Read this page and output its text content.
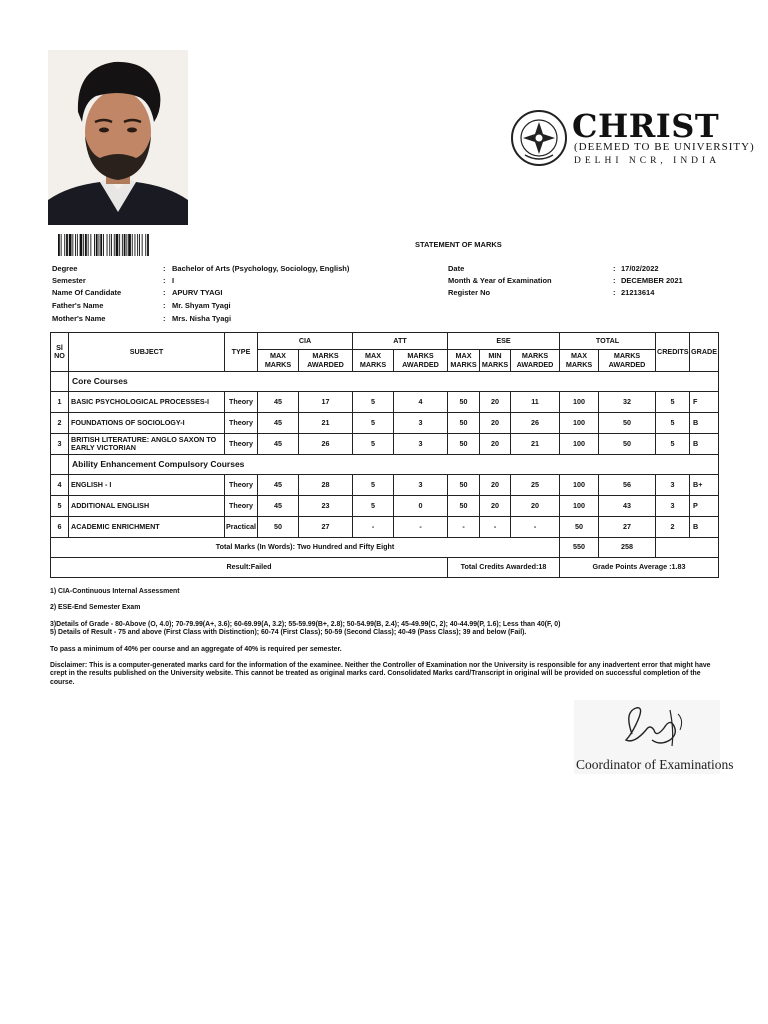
CHRIST
(DEEMED TO BE UNIVERSITY)
DELHI NCR, INDIA
STATEMENT OF MARKS
Degree	: Bachelor of Arts (Psychology, Sociology, English)
Semester	: I
Name Of Candidate	: APURV TYAGI
Father's Name	: Mr. Shyam Tyagi
Mother's Name	: Mrs. Nisha Tyagi
Date	: 17/02/2022
Month & Year of Examination	: DECEMBER 2021
Register No	: 21213614
Sl NO	SUBJECT	TYPE	CIA		ATT		ESE			TOTAL		CREDITS	GRADE
			MAX MARKS	MARKS AWARDED	MAX MARKS	MARKS AWARDED	MAX MARKS	MIN MARKS	MARKS AWARDED	MAX MARKS	MARKS AWARDED		
	Core Courses												
1	BASIC PSYCHOLOGICAL PROCESSES-I	Theory	45	17	5	4	50	20	11	100	32	5	F
2	FOUNDATIONS OF SOCIOLOGY-I	Theory	45	21	5	3	50	20	26	100	50	5	B
3	BRITISH LITERATURE: ANGLO SAXON TO EARLY VICTORIAN	Theory	45	26	5	3	50	20	21	100	50	5	B
	Ability Enhancement Compulsory Courses												
4	ENGLISH - I	Theory	45	28	5	3	50	20	25	100	56	3	B+
5	ADDITIONAL ENGLISH	Theory	45	23	5	0	50	20	20	100	43	3	P
6	ACADEMIC ENRICHMENT	Practical	50	27	-	-	-	-	-	50	27	2	B
Total Marks (In Words): Two Hundred and Fifty Eight										550	258		
Result:Failed							Total Credits Awarded:18			Grade Points Average :1.83			
1) CIA-Continuous Internal Assessment
2) ESE-End Semester Exam
3)Details of Grade - 80-Above (O, 4.0); 70-79.99(A+, 3.6); 60-69.99(A, 3.2); 55-59.99(B+, 2.8); 50-54.99(B, 2.4); 45-49.99(C, 2); 40-44.99(P, 1.6); Less than 40(F, 0)
5) Details of Result - 75 and above (First Class with Distinction); 60-74 (First Class); 50-59 (Second Class); 40-49 (Pass Class); 39 and below (Fail).
To pass a minimum of 40% per course and an aggregate of 40% is required per semester.
Disclaimer: This is a computer-generated marks card for the information of the examinee. Neither the Controller of Examination nor the University is responsible for any inadvertent error that might have crept in the results published on the University website. This cannot be treated as original marks card. Consolidated Marks card/Transcript in original will be provided on successful completion of the course.
Coordinator of Examinations
